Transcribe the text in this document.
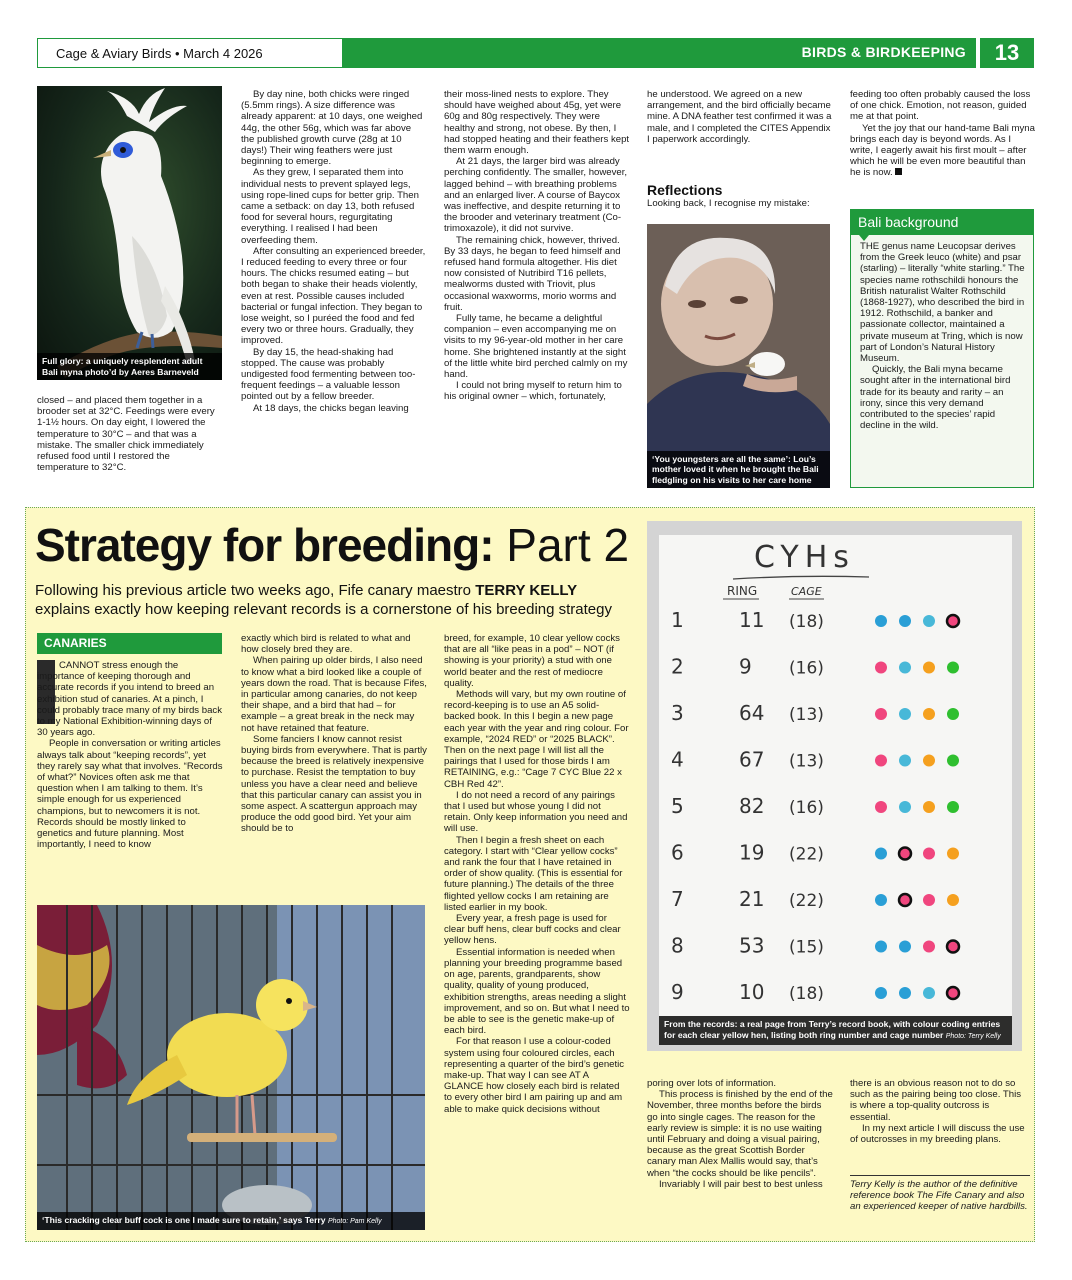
Cage & Aviary Birds • March 4 2026	BIRDS & BIRDKEEPING	13
Full glory: a uniquely resplendent adult Bali myna photo’d by Aeres Barneveld

closed – and placed them together in a brooder set at 32°C. Feedings were every 1-1½ hours. On day eight, I lowered the temperature to 30°C – and that was a mistake. The smaller chick immediately refused food until I restored the temperature to 32°C.

By day nine, both chicks were ringed (5.5mm rings). A size difference was already apparent: at 10 days, one weighed 44g, the other 56g, which was far above the published growth curve (28g at 10 days!) Their wing feathers were just beginning to emerge.

As they grew, I separated them into individual nests to prevent splayed legs, using rope-lined cups for better grip. Then came a setback: on day 13, both refused food for several hours, regurgitating everything. I realised I had been overfeeding them.

After consulting an experienced breeder, I reduced feeding to every three or four hours. The chicks resumed eating – but both began to shake their heads violently, even at rest. Possible causes included bacterial or fungal infection. They began to lose weight, so I puréed the food and fed every two or three hours. Gradually, they improved.

By day 15, the head-shaking had stopped. The cause was probably undigested food fermenting between too-frequent feedings – a valuable lesson pointed out by a fellow breeder.

At 18 days, the chicks began leaving

their moss-lined nests to explore. They should have weighed about 45g, yet were 60g and 80g respectively. They were healthy and strong, not obese. By then, I had stopped heating and their feathers kept them warm enough.

At 21 days, the larger bird was already perching confidently. The smaller, however, lagged behind – with breathing problems and an enlarged liver. A course of Baycox was ineffective, and despite returning it to the brooder and veterinary treatment (Co-trimoxazole), it did not survive.

The remaining chick, however, thrived. By 33 days, he began to feed himself and refused hand formula altogether. His diet now consisted of Nutribird T16 pellets, mealworms dusted with Triovit, plus occasional waxworms, morio worms and fruit.

Fully tame, he became a delightful companion – even accompanying me on visits to my 96-year-old mother in her care home. She brightened instantly at the sight of the little white bird perched calmly on my hand.

I could not bring myself to return him to his original owner – which, fortunately,

he understood. We agreed on a new arrangement, and the bird officially became mine. A DNA feather test confirmed it was a male, and I completed the CITES Appendix I paperwork accordingly.

Reflections
Looking back, I recognise my mistake:
‘You youngsters are all the same’: Lou’s mother loved it when he brought the Bali fledgling on his visits to her care home

feeding too often probably caused the loss of one chick. Emotion, not reason, guided me at that point.

Yet the joy that our hand-tame Bali myna brings each day is beyond words. As I write, I eagerly await his first moult – after which he will be even more beautiful than he is now.

Bali background

THE genus name Leucopsar derives from the Greek leuco (white) and psar (starling) – literally “white starling.” The species name rothschildi honours the British naturalist Walter Rothschild (1868-1927), who described the bird in 1912. Rothschild, a banker and passionate collector, maintained a private museum at Tring, which is now part of London’s Natural History Museum.

Quickly, the Bali myna became sought after in the international bird trade for its beauty and rarity – an irony, since this very demand contributed to the species’ rapid decline in the wild.

Strategy for breeding: Part 2
Following his previous article two weeks ago, Fife canary maestro TERRY KELLY
explains exactly how keeping relevant records is a cornerstone of his breeding strategy
CANARIES

CANNOT stress enough the importance of keeping thorough and accurate records if you intend to breed an exhibition stud of canaries. At a pinch, I could probably trace many of my birds back to my National Exhibition-winning days of 30 years ago.

People in conversation or writing articles always talk about “keeping records”, yet they rarely say what that involves. “Records of what?” Novices often ask me that question when I am talking to them. It’s simple enough for us experienced champions, but to newcomers it is not. Records should be mostly linked to genetics and future planning. Most importantly, I need to know

exactly which bird is related to what and how closely bred they are.

When pairing up older birds, I also need to know what a bird looked like a couple of years down the road. That is because Fifes, in particular among canaries, do not keep their shape, and a bird that had – for example – a great break in the neck may not have retained that feature.

Some fanciers I know cannot resist buying birds from everywhere. That is partly because the breed is relatively inexpensive to purchase. Resist the temptation to buy unless you have a clear need and believe that this particular canary can assist you in some aspect. A scattergun approach may produce the odd good bird. Yet your aim should be to

breed, for example, 10 clear yellow cocks that are all “like peas in a pod” – NOT (if showing is your priority) a stud with one world beater and the rest of mediocre quality.

Methods will vary, but my own routine of record-keeping is to use an A5 solid-backed book. In this I begin a new page each year with the year and ring colour. For example, “2024 RED” or “2025 BLACK”. Then on the next page I will list all the pairings that I used for those birds I am RETAINING, e.g.: “Cage 7 CYC Blue 22 x CBH Red 42”.

I do not need a record of any pairings that I used but whose young I did not retain. Only keep information you need and will use.

Then I begin a fresh sheet on each category. I start with “Clear yellow cocks” and rank the four that I have retained in order of show quality. (This is essential for future planning.) The details of the three flighted yellow cocks I am retaining are listed earlier in my book.

Every year, a fresh page is used for clear buff hens, clear buff cocks and clear yellow hens.

Essential information is needed when planning your breeding programme based on age, parents, grandparents, show quality, quality of young produced, exhibition strengths, areas needing a slight improvement, and so on. But what I need to be able to see is the genetic make-up of each bird.

For that reason I use a colour-coded system using four coloured circles, each representing a quarter of the bird’s genetic make-up. That way I can see AT A GLANCE how closely each bird is related to every other bird I am pairing up and am able to make quick decisions without

CYHs
RING	CAGE
1	11 (18)
2	9 (16)
3	64 (13)
4	67 (13)
5	82 (16)
6	19 (22)
7	21 (22)
8	53 (15)
9	10 (18)
From the records: a real page from Terry’s record book, with colour coding entries for each clear yellow hen, listing both ring number and cage number Photo: Terry Kelly
‘This cracking clear buff cock is one I made sure to retain,’ says Terry Photo: Pam Kelly

poring over lots of information.

This process is finished by the end of the November, three months before the birds go into single cages. The reason for the early review is simple: it is no use waiting until February and doing a visual pairing, because as the great Scottish Border canary man Alex Mallis would say, that’s when “the cocks should be like pencils”.

Invariably I will pair best to best unless

there is an obvious reason not to do so such as the pairing being too close. This is where a top-quality outcross is essential.

In my next article I will discuss the use of outcrosses in my breeding plans.

Terry Kelly is the author of the definitive reference book The Fife Canary and also an experienced keeper of native hardbills.
